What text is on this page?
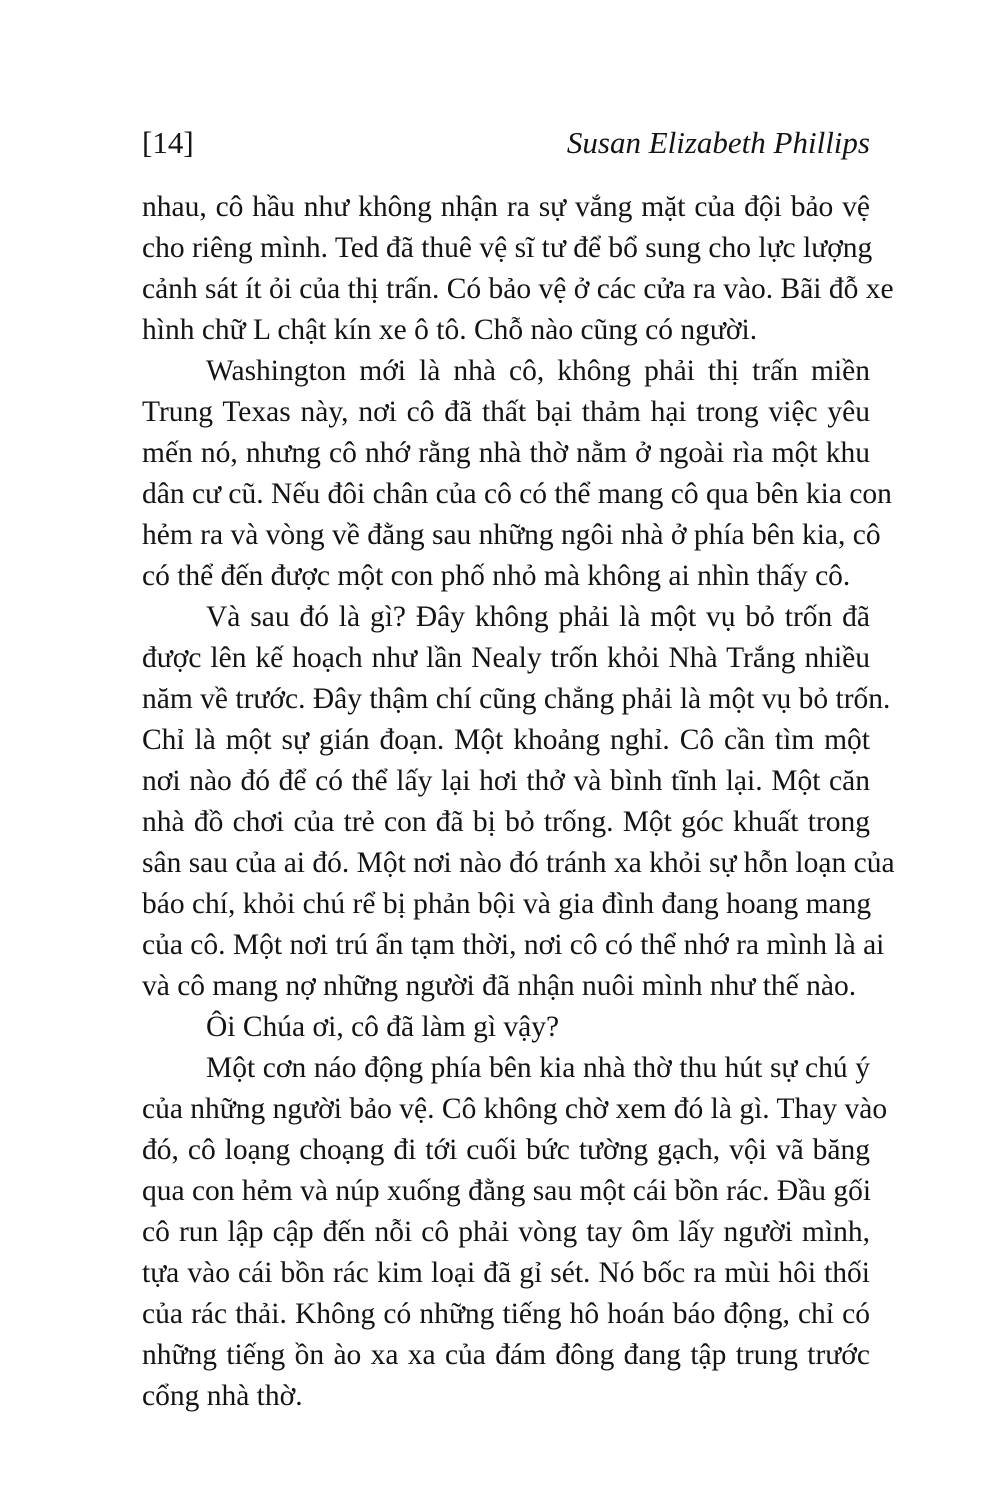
[14]	Susan Elizabeth Phillips
nhau, cô hầu như không nhận ra sự vắng mặt của đội bảo vệ
cho riêng mình. Ted đã thuê vệ sĩ tư để bổ sung cho lực lượng
cảnh sát ít ỏi của thị trấn. Có bảo vệ ở các cửa ra vào. Bãi đỗ xe
hình chữ L chật kín xe ô tô. Chỗ nào cũng có người.
Washington mới là nhà cô, không phải thị trấn miền
Trung Texas này, nơi cô đã thất bại thảm hại trong việc yêu
mến nó, nhưng cô nhớ rằng nhà thờ nằm ở ngoài rìa một khu
dân cư cũ. Nếu đôi chân của cô có thể mang cô qua bên kia con
hẻm ra và vòng về đằng sau những ngôi nhà ở phía bên kia, cô
có thể đến được một con phố nhỏ mà không ai nhìn thấy cô.
Và sau đó là gì? Đây không phải là một vụ bỏ trốn đã
được lên kế hoạch như lần Nealy trốn khỏi Nhà Trắng nhiều
năm về trước. Đây thậm chí cũng chẳng phải là một vụ bỏ trốn.
Chỉ là một sự gián đoạn. Một khoảng nghỉ. Cô cần tìm một
nơi nào đó để có thể lấy lại hơi thở và bình tĩnh lại. Một căn
nhà đồ chơi của trẻ con đã bị bỏ trống. Một góc khuất trong
sân sau của ai đó. Một nơi nào đó tránh xa khỏi sự hỗn loạn của
báo chí, khỏi chú rể bị phản bội và gia đình đang hoang mang
của cô. Một nơi trú ẩn tạm thời, nơi cô có thể nhớ ra mình là ai
và cô mang nợ những người đã nhận nuôi mình như thế nào.
Ôi Chúa ơi, cô đã làm gì vậy?
Một cơn náo động phía bên kia nhà thờ thu hút sự chú ý
của những người bảo vệ. Cô không chờ xem đó là gì. Thay vào
đó, cô loạng choạng đi tới cuối bức tường gạch, vội vã băng
qua con hẻm và núp xuống đằng sau một cái bồn rác. Đầu gối
cô run lập cập đến nỗi cô phải vòng tay ôm lấy người mình,
tựa vào cái bồn rác kim loại đã gỉ sét. Nó bốc ra mùi hôi thối
của rác thải. Không có những tiếng hô hoán báo động, chỉ có
những tiếng ồn ào xa xa của đám đông đang tập trung trước
cổng nhà thờ.
